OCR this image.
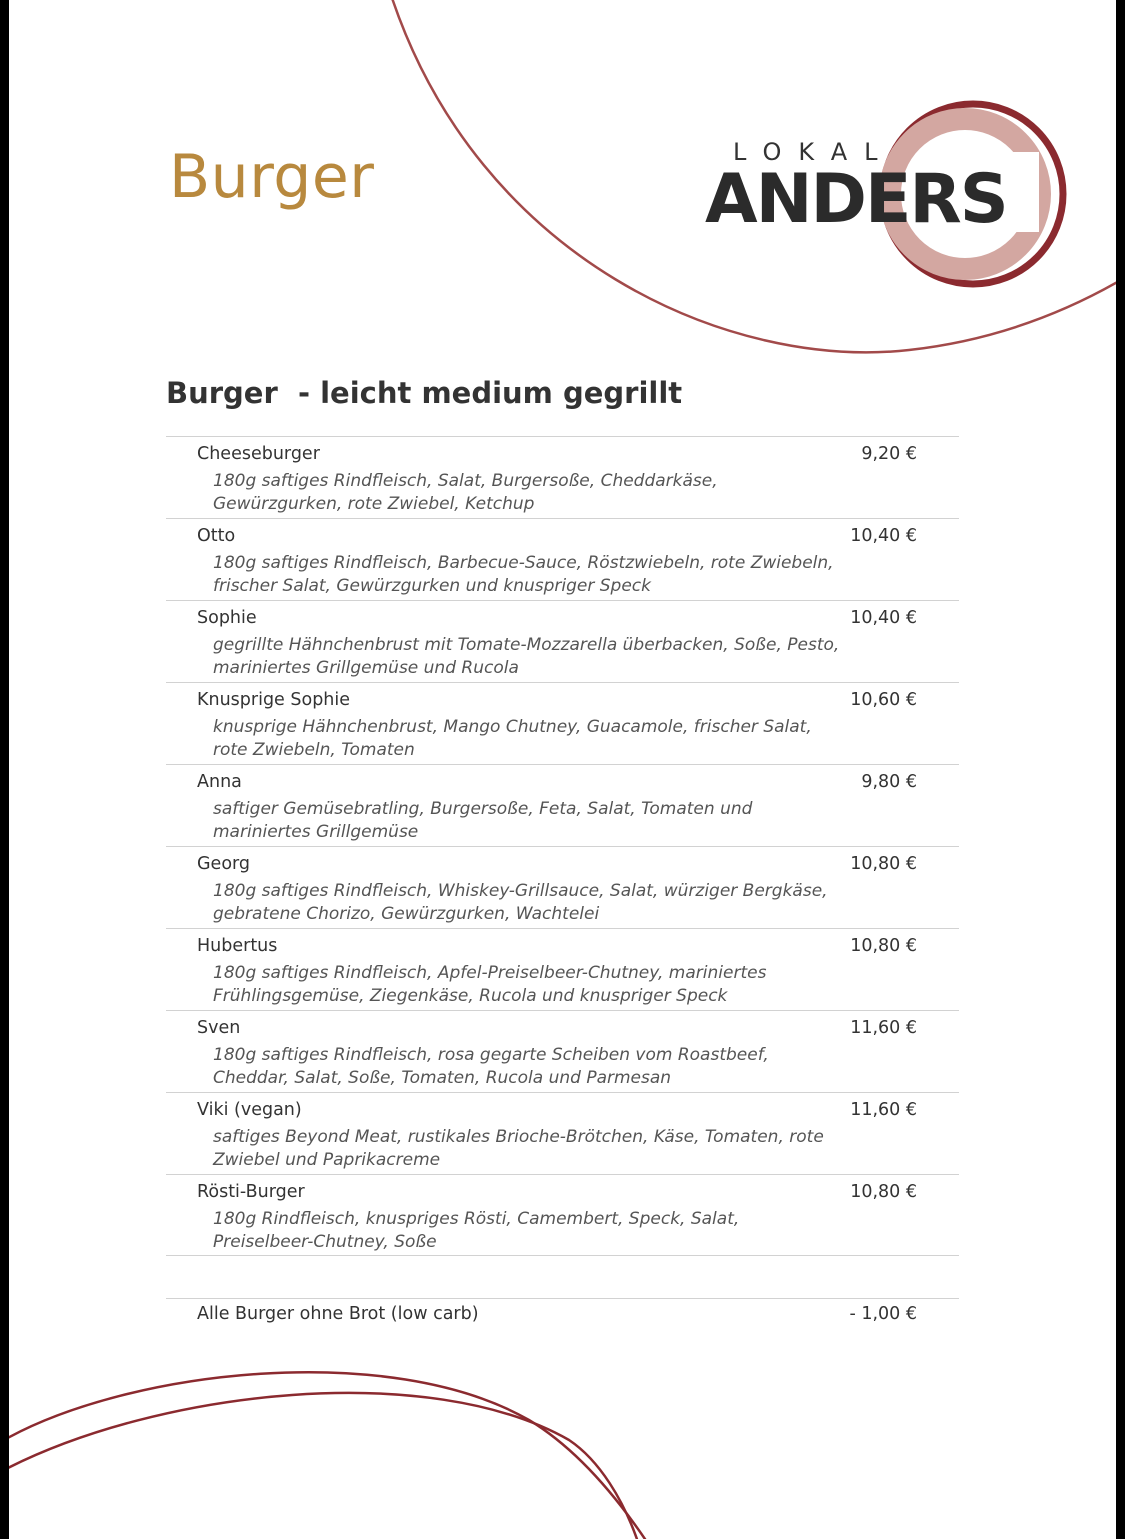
Burger	LOKAL
ANDERS
Burger  - leicht medium gegrillt
Cheeseburger	9,20 €
180g saftiges Rindfleisch, Salat, Burgersoße, Cheddarkäse, Gewürzgurken, rote Zwiebel, Ketchup
Otto	10,40 €
180g saftiges Rindfleisch, Barbecue-Sauce, Röstzwiebeln, rote Zwiebeln, frischer Salat, Gewürzgurken und knuspriger Speck
Sophie	10,40 €
gegrillte Hähnchenbrust mit Tomate-Mozzarella überbacken, Soße, Pesto, mariniertes Grillgemüse und Rucola
Knusprige Sophie	10,60 €
knusprige Hähnchenbrust, Mango Chutney, Guacamole, frischer Salat, rote Zwiebeln, Tomaten
Anna	9,80 €
saftiger Gemüsebratling, Burgersoße, Feta, Salat, Tomaten und mariniertes Grillgemüse
Georg	10,80 €
180g saftiges Rindfleisch, Whiskey-Grillsauce, Salat, würziger Bergkäse, gebratene Chorizo, Gewürzgurken, Wachtelei
Hubertus	10,80 €
180g saftiges Rindfleisch, Apfel-Preiselbeer-Chutney, mariniertes Frühlingsgemüse, Ziegenkäse, Rucola und knuspriger Speck
Sven	11,60 €
180g saftiges Rindfleisch, rosa gegarte Scheiben vom Roastbeef, Cheddar, Salat, Soße, Tomaten, Rucola und Parmesan
Viki (vegan)	11,60 €
saftiges Beyond Meat, rustikales Brioche-Brötchen, Käse, Tomaten, rote Zwiebel und Paprikacreme
Rösti-Burger	10,80 €
180g Rindfleisch, knuspriges Rösti, Camembert, Speck, Salat, Preiselbeer-Chutney, Soße
Alle Burger ohne Brot (low carb)	- 1,00 €
